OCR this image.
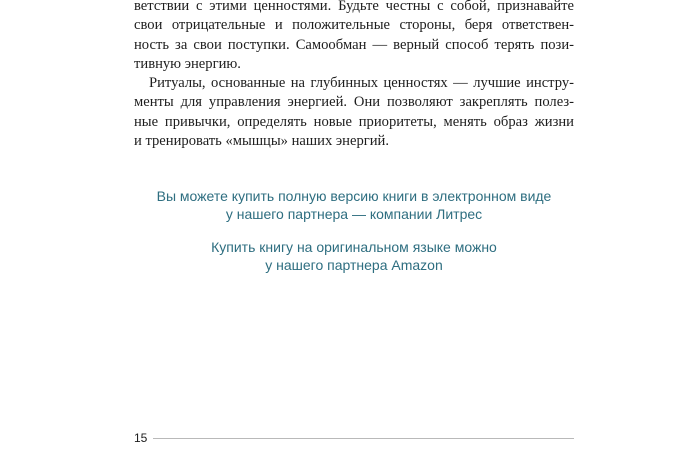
ветствии с этими ценностями. Будьте честны с собой, признавайте
свои отрицательные и положительные стороны, беря ответствен-
ность за свои поступки. Самообман — верный способ терять пози-
тивную энергию.

Ритуалы, основанные на глубинных ценностях — лучшие инстру-
менты для управления энергией. Они позволяют закреплять полез-
ные привычки, определять новые приоритеты, менять образ жизни
и тренировать «мышцы» наших энергий.

Вы можете купить полную версию книги в электронном виде
у нашего партнера — компании Литрес
Купить книгу на оригинальном языке можно
у нашего партнера Amazon
15
